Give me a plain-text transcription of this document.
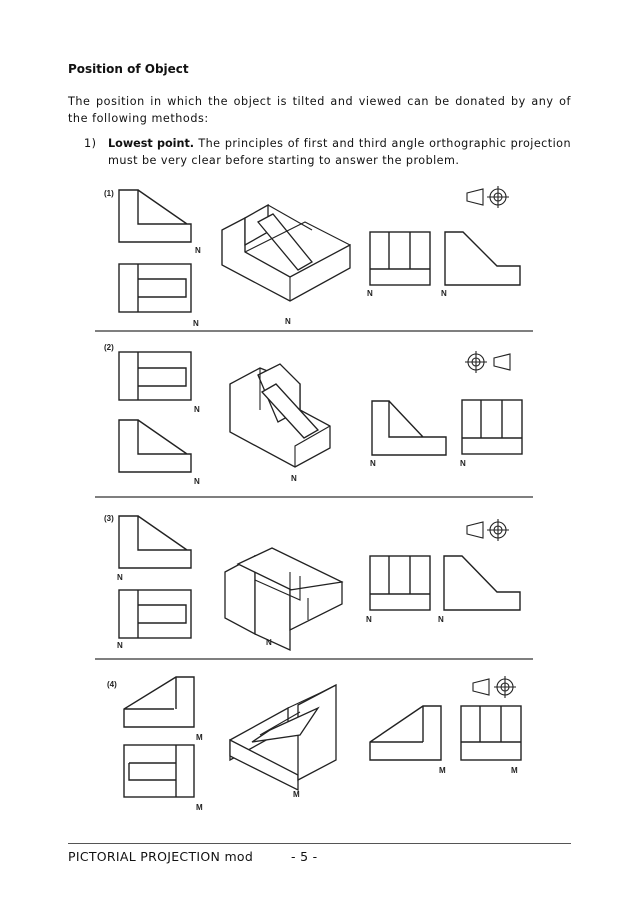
Position of Object
The position in which the object is tilted and viewed can be donated by any of the following methods:
1) Lowest point. The principles of first and third angle orthographic projection must be very clear before starting to answer the problem.
(1)
N
N	N
N	N
(2)
N
N	N
N	N
(3)
N
N	N
N	N
(4)
M
M
M
M	M
PICTORIAL PROJECTION mod	- 5 -
